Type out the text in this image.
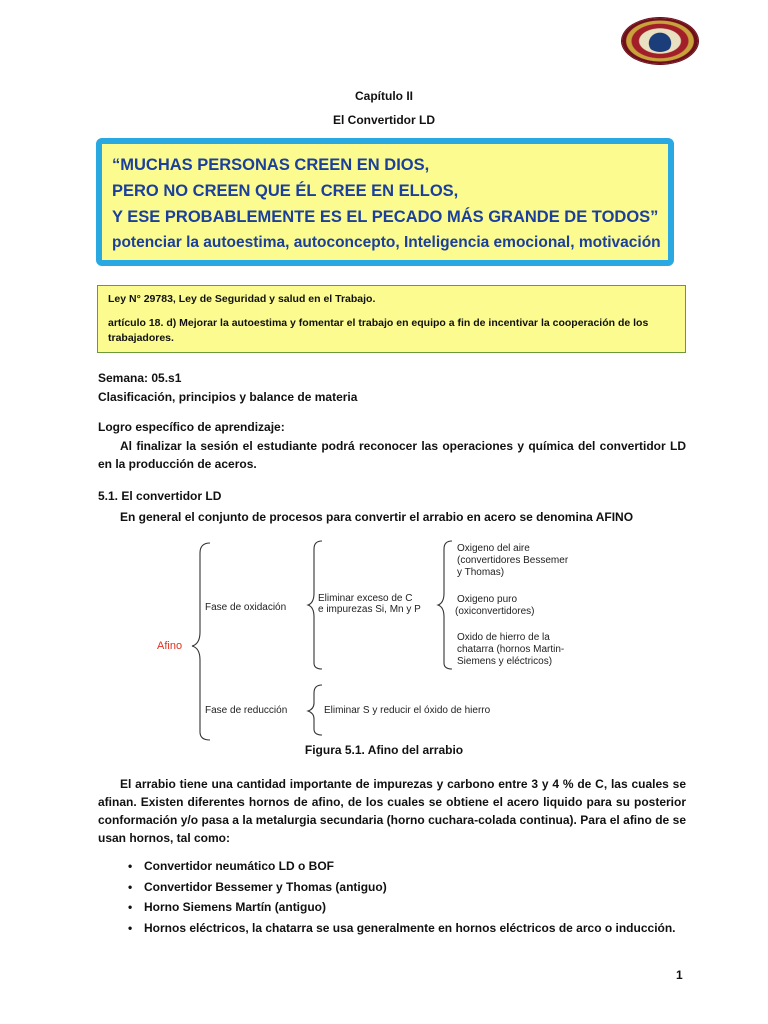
Capítulo II
El Convertidor LD
“MUCHAS PERSONAS CREEN EN DIOS,
PERO NO CREEN QUE ÉL CREE EN ELLOS,
Y ESE PROBABLEMENTE ES EL PECADO MÁS GRANDE DE TODOS”
potenciar la autoestima, autoconcepto, Inteligencia emocional, motivación
Ley N° 29783, Ley de Seguridad y salud en el Trabajo.
artículo 18. d) Mejorar la autoestima y fomentar el trabajo en equipo a fin de incentivar la cooperación de los trabajadores.
Semana: 05.s1
Clasificación, principios y balance de materia
Logro específico de aprendizaje:
Al finalizar la sesión el estudiante podrá reconocer las operaciones y química del convertidor LD en la producción de aceros.
5.1. El convertidor LD
En general el conjunto de procesos para convertir el arrabio en acero se denomina AFINO
Afino
Fase de oxidación
Fase de reducción
Eliminar exceso de C
e impurezas Si, Mn y P
Eliminar S y reducir el óxido de hierro
Oxigeno del aire
(convertidores Bessemer
y Thomas)
Oxigeno puro
(oxiconvertidores)
Oxido de hierro de la
chatarra (hornos Martin-
Siemens y eléctricos)
Figura 5.1. Afino del arrabio
El arrabio tiene una cantidad importante de impurezas y carbono entre 3 y 4 % de C, las cuales se afinan. Existen diferentes hornos de afino, de los cuales se obtiene el acero liquido para su posterior conformación y/o pasa a la metalurgia secundaria (horno cuchara-colada continua). Para el afino de se usan hornos, tal como:
• Convertidor neumático LD o BOF
• Convertidor Bessemer y Thomas (antiguo)
• Horno Siemens Martín (antiguo)
• Hornos eléctricos, la chatarra se usa generalmente en hornos eléctricos de arco o inducción.
1
